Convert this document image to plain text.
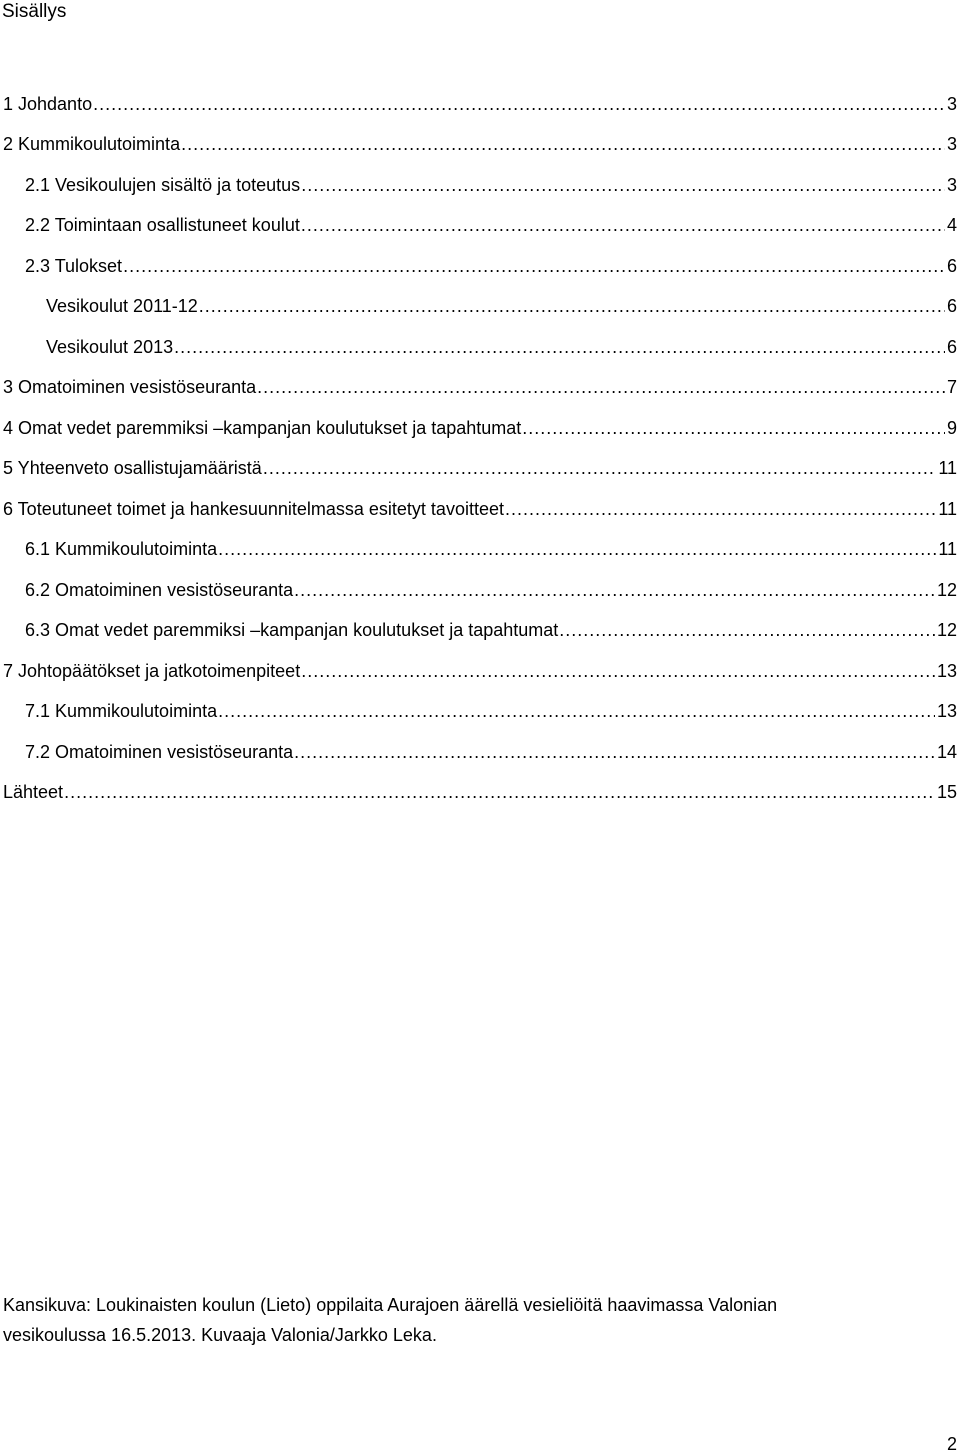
Sisällys
1 Johdanto .....	3
2 Kummikoulutoiminta .....	3
2.1 Vesikoulujen sisältö ja toteutus .....	3
2.2 Toimintaan osallistuneet koulut .....	4
2.3 Tulokset .....	6
Vesikoulut 2011-12 .....	6
Vesikoulut 2013 .....	6
3 Omatoiminen vesistöseuranta .....	7
4 Omat vedet paremmiksi –kampanjan koulutukset ja tapahtumat .....	9
5 Yhteenveto osallistujamääristä .....	11
6 Toteutuneet toimet ja hankesuunnitelmassa esitetyt tavoitteet .....	11
6.1 Kummikoulutoiminta .....	11
6.2 Omatoiminen vesistöseuranta .....	12
6.3 Omat vedet paremmiksi –kampanjan koulutukset ja tapahtumat .....	12
7 Johtopäätökset ja jatkotoimenpiteet .....	13
7.1 Kummikoulutoiminta .....	13
7.2 Omatoiminen vesistöseuranta .....	14
Lähteet .....	15
Kansikuva: Loukinaisten koulun (Lieto) oppilaita Aurajoen äärellä vesieliöitä haavimassa Valonian
vesikoulussa 16.5.2013. Kuvaaja Valonia/Jarkko Leka.
2
